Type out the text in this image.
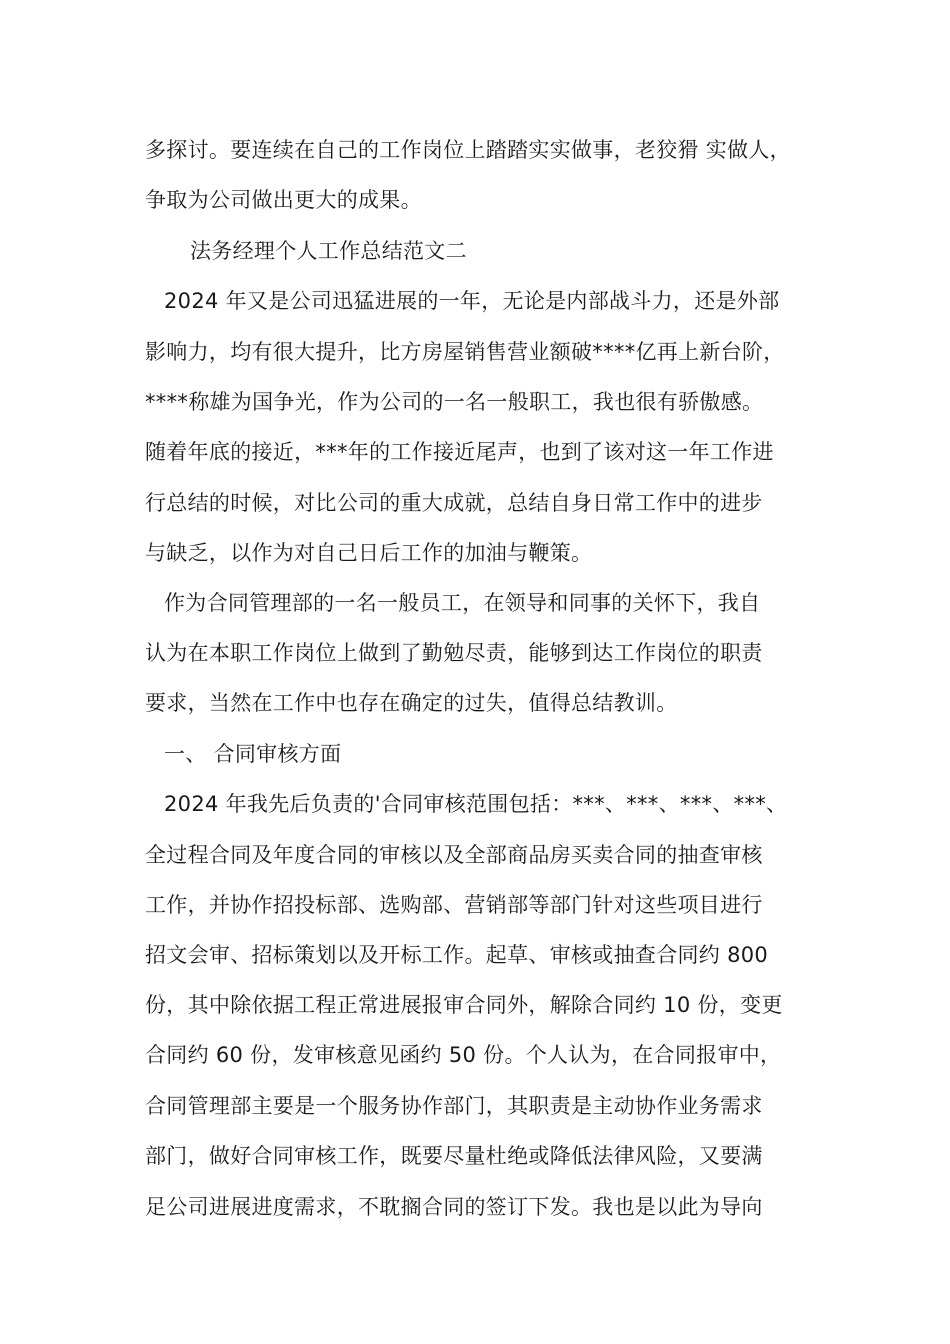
多探讨。要连续在自己的工作岗位上踏踏实实做事，老狡猾 实做人，
争取为公司做出更大的成果。
法务经理个人工作总结范文二
2024 年又是公司迅猛进展的一年，无论是内部战斗力，还是外部
影响力，均有很大提升，比方房屋销售营业额破****亿再上新台阶，
****称雄为国争光，作为公司的一名一般职工，我也很有骄傲感。
随着年底的接近，***年的工作接近尾声，也到了该对这一年工作进
行总结的时候，对比公司的重大成就，总结自身日常工作中的进步
与缺乏，以作为对自己日后工作的加油与鞭策。
作为合同管理部的一名一般员工，在领导和同事的关怀下，我自
认为在本职工作岗位上做到了勤勉尽责，能够到达工作岗位的职责
要求，当然在工作中也存在确定的过失，值得总结教训。
一、 合同审核方面
2024 年我先后负责的'合同审核范围包括：***、***、***、***、
全过程合同及年度合同的审核以及全部商品房买卖合同的抽查审核
工作，并协作招投标部、选购部、营销部等部门针对这些项目进行
招文会审、招标策划以及开标工作。起草、审核或抽查合同约 800
份，其中除依据工程正常进展报审合同外，解除合同约 10 份，变更
合同约 60 份，发审核意见函约 50 份。个人认为，在合同报审中，
合同管理部主要是一个服务协作部门，其职责是主动协作业务需求
部门，做好合同审核工作，既要尽量杜绝或降低法律风险，又要满
足公司进展进度需求，不耽搁合同的签订下发。我也是以此为导向
